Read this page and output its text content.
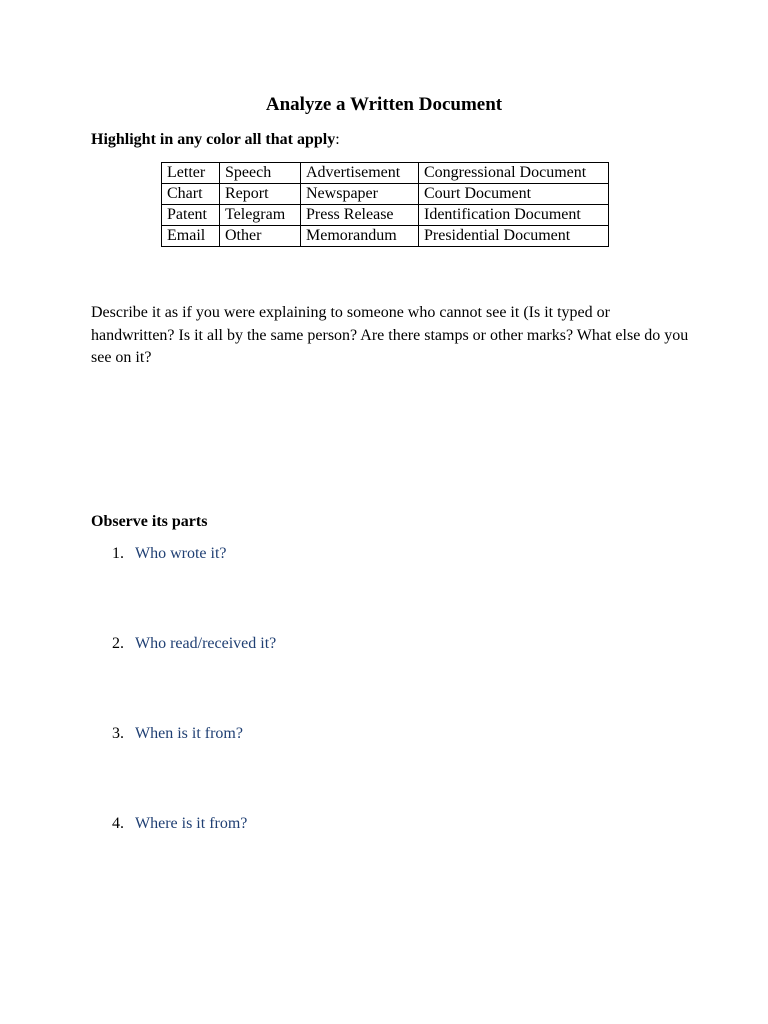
Analyze a Written Document
Highlight in any color all that apply:
Letter	Speech	Advertisement	Congressional Document
Chart	Report	Newspaper	Court Document
Patent	Telegram	Press Release	Identification Document
Email	Other	Memorandum	Presidential Document
Describe it as if you were explaining to someone who cannot see it (Is it typed or handwritten? Is it all by the same person? Are there stamps or other marks? What else do you see on it?
Observe its parts
1. Who wrote it?
2. Who read/received it?
3. When is it from?
4. Where is it from?
